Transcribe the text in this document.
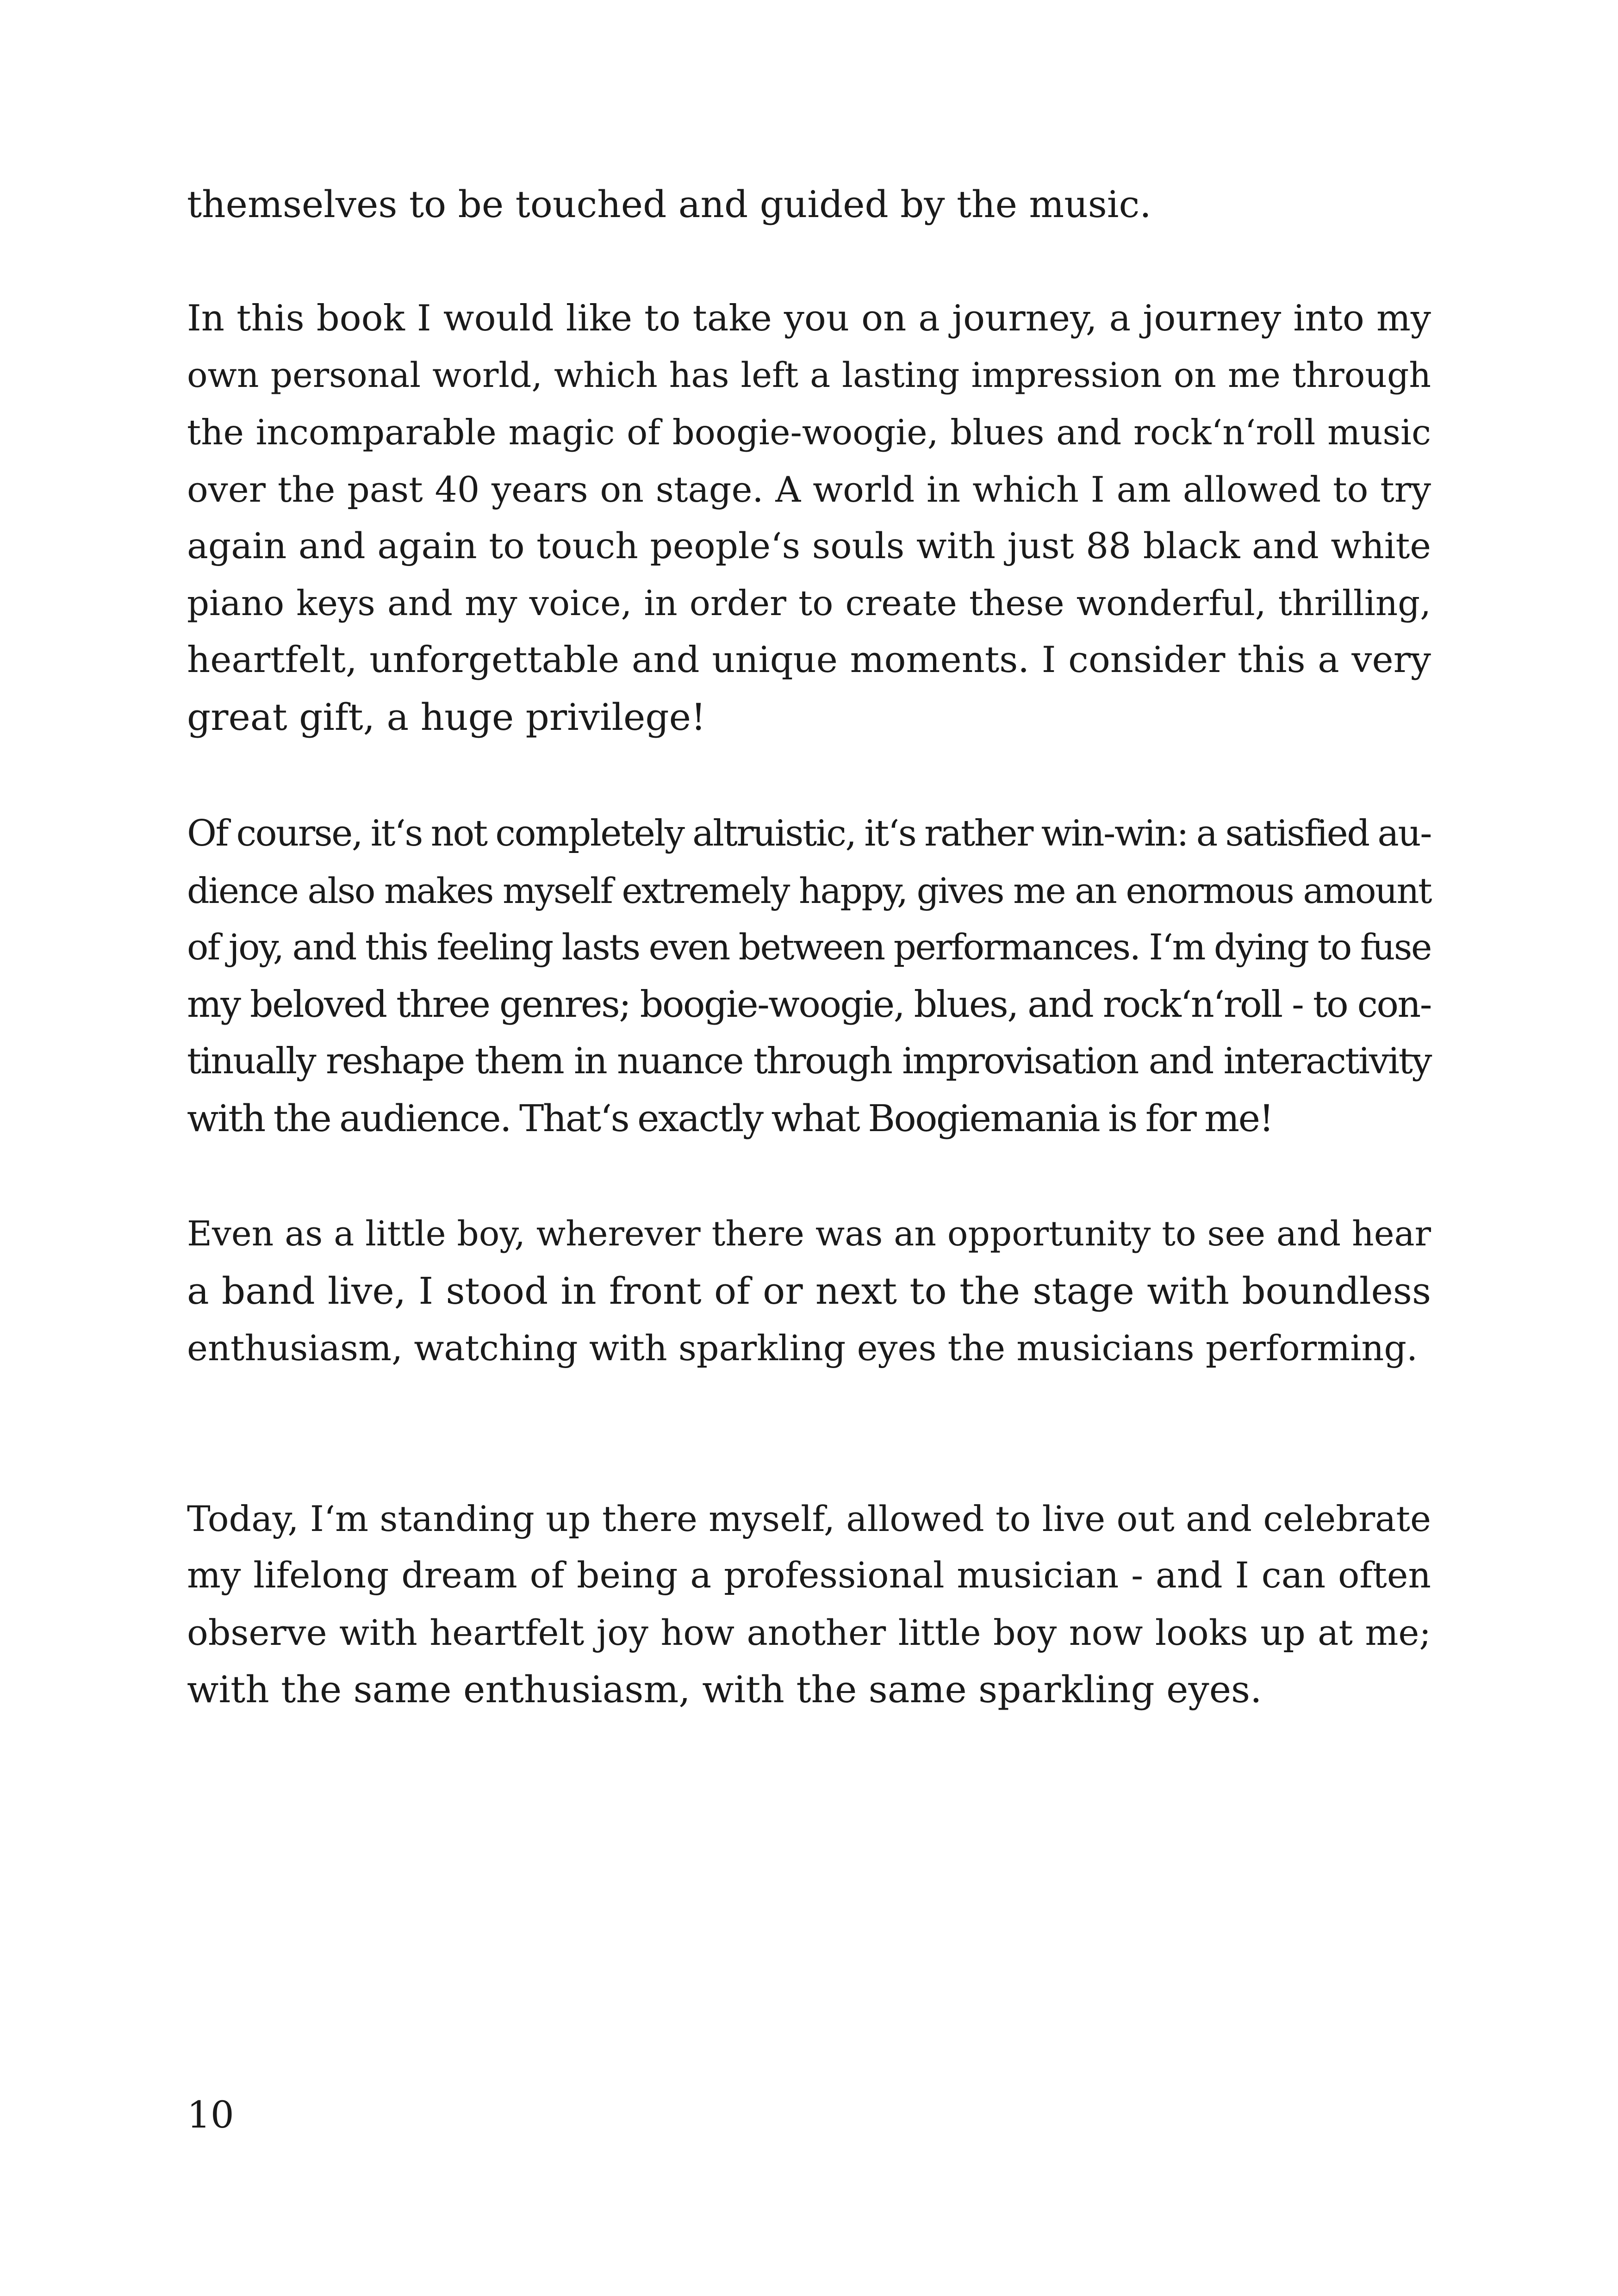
themselves to be touched and guided by the music.
In this book I would like to take you on a journey, a journey into my
own personal world, which has left a lasting impression on me through
the incomparable magic of boogie-woogie, blues and rock‘n‘roll music
over the past 40 years on stage. A world in which I am allowed to try
again and again to touch people‘s souls with just 88 black and white
piano keys and my voice, in order to create these wonderful, thrilling,
heartfelt, unforgettable and unique moments. I consider this a very
great gift, a huge privilege!
Of course, it‘s not completely altruistic, it‘s rather win-win: a satisfied au-
dience also makes myself extremely happy, gives me an enormous amount
of joy, and this feeling lasts even between performances. I‘m dying to fuse
my beloved three genres; boogie-woogie, blues, and rock‘n‘roll - to con-
tinually reshape them in nuance through improvisation and interactivity
with the audience. That‘s exactly what Boogiemania is for me!
Even as a little boy, wherever there was an opportunity to see and hear
a band live, I stood in front of or next to the stage with boundless
enthusiasm, watching with sparkling eyes the musicians performing.
Today, I‘m standing up there myself, allowed to live out and celebrate
my lifelong dream of being a professional musician - and I can often
observe with heartfelt joy how another little boy now looks up at me;
with the same enthusiasm, with the same sparkling eyes.
10
